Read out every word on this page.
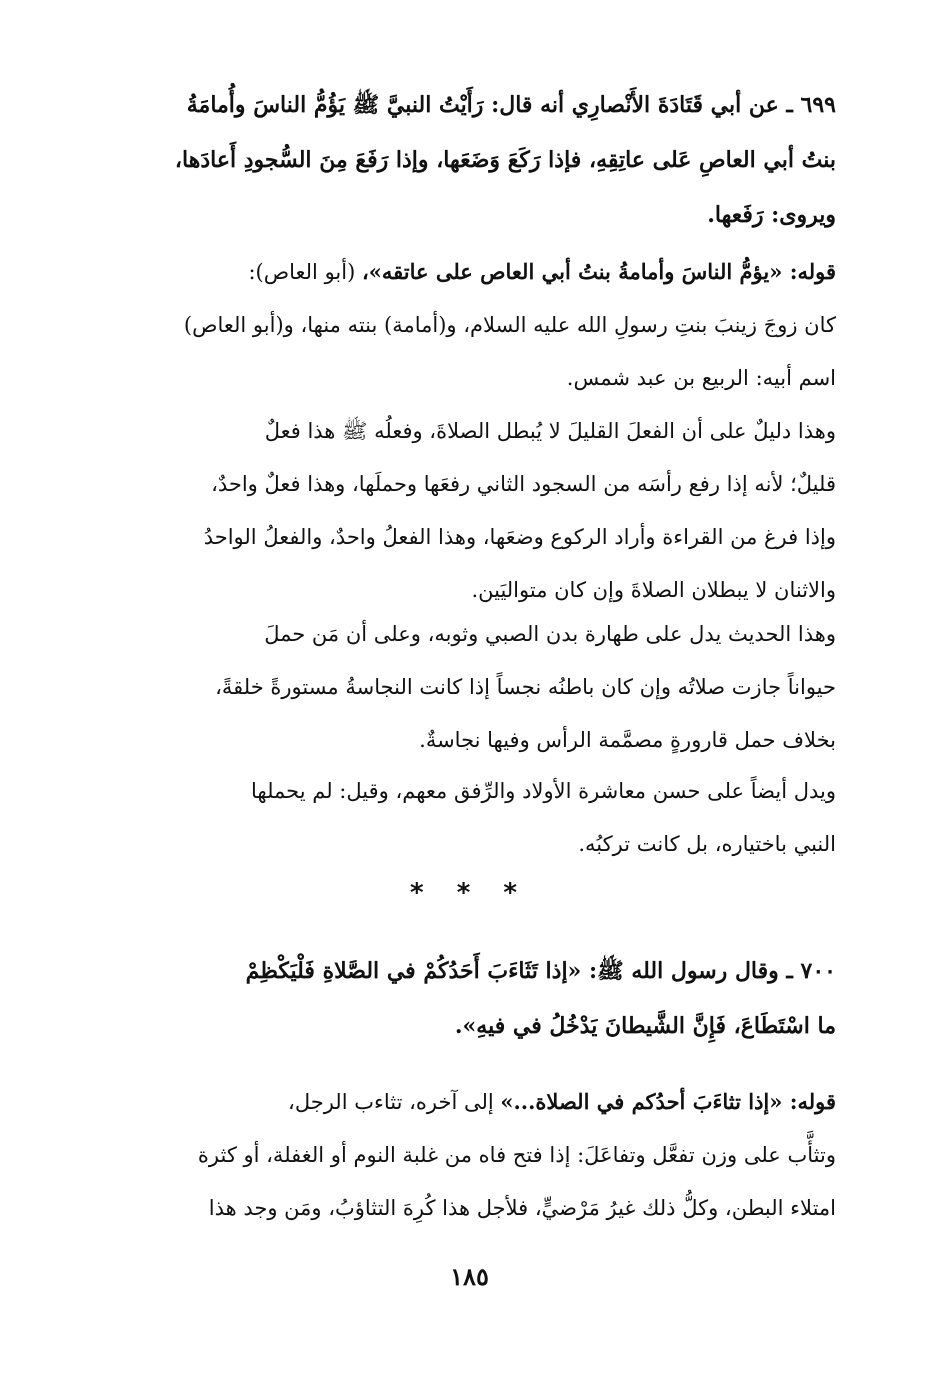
٦٩٩ ـ عن أبي قَتَادَةَ الأَنْصارِي أنه قال: رَأَيْتُ النبيَّ ﷺ يَؤُمُّ الناسَ وأُمامَةُ
بنتُ أبي العاصِ عَلى عاتِقِهِ، فإذا رَكَعَ وَضَعَها، وإذا رَفَعَ مِنَ السُّجودِ أَعادَها،
ويروى: رَفَعها.
قوله: «يؤمُّ الناسَ وأمامةُ بنتُ أبي العاص على عاتقه»، (أبو العاص):
كان زوجَ زينبَ بنتِ رسولِ الله عليه السلام، و(أمامة) بنته منها، و(أبو العاص)
اسم أبيه: الربيع بن عبد شمس.
وهذا دليلٌ على أن الفعلَ القليلَ لا يُبطل الصلاةَ، وفعلُه ﷺ هذا فعلٌ
قليلٌ؛ لأنه إذا رفع رأسَه من السجود الثاني رفعَها وحملَها، وهذا فعلٌ واحدٌ،
وإذا فرغ من القراءة وأراد الركوع وضعَها، وهذا الفعلُ واحدٌ، والفعلُ الواحدُ
والاثنان لا يبطلان الصلاةَ وإن كان متواليَين.
وهذا الحديث يدل على طهارة بدن الصبي وثوبه، وعلى أن مَن حملَ
حيواناً جازت صلاتُه وإن كان باطنُه نجساً إذا كانت النجاسةُ مستورةً خلقةً،
بخلاف حمل قارورةٍ مصمَّمة الرأس وفيها نجاسةٌ.
ويدل أيضاً على حسن معاشرة الأولاد والرِّفق معهم، وقيل: لم يحملها
النبي باختياره، بل كانت تركبُه.
* * *
٧٠٠ ـ وقال رسول الله ﷺ: «إذا تَثَاءَبَ أَحَدُكُمْ في الصَّلاةِ فَلْيَكْظِمْ
ما اسْتَطَاعَ، فَإِنَّ الشَّيطانَ يَدْخُلُ في فيهِ».
قوله: «إذا تثاءَبَ أحدُكم في الصلاة...» إلى آخره، تثاءب الرجل،
وتثأَّب على وزن تفعَّل وتفاعَلَ: إذا فتح فاه من غلبة النوم أو الغفلة، أو كثرة
امتلاء البطن، وكلُّ ذلك غيرُ مَرْضيٍّ، فلأجل هذا كُرِهَ التثاؤبُ، ومَن وجد هذا
١٨٥
